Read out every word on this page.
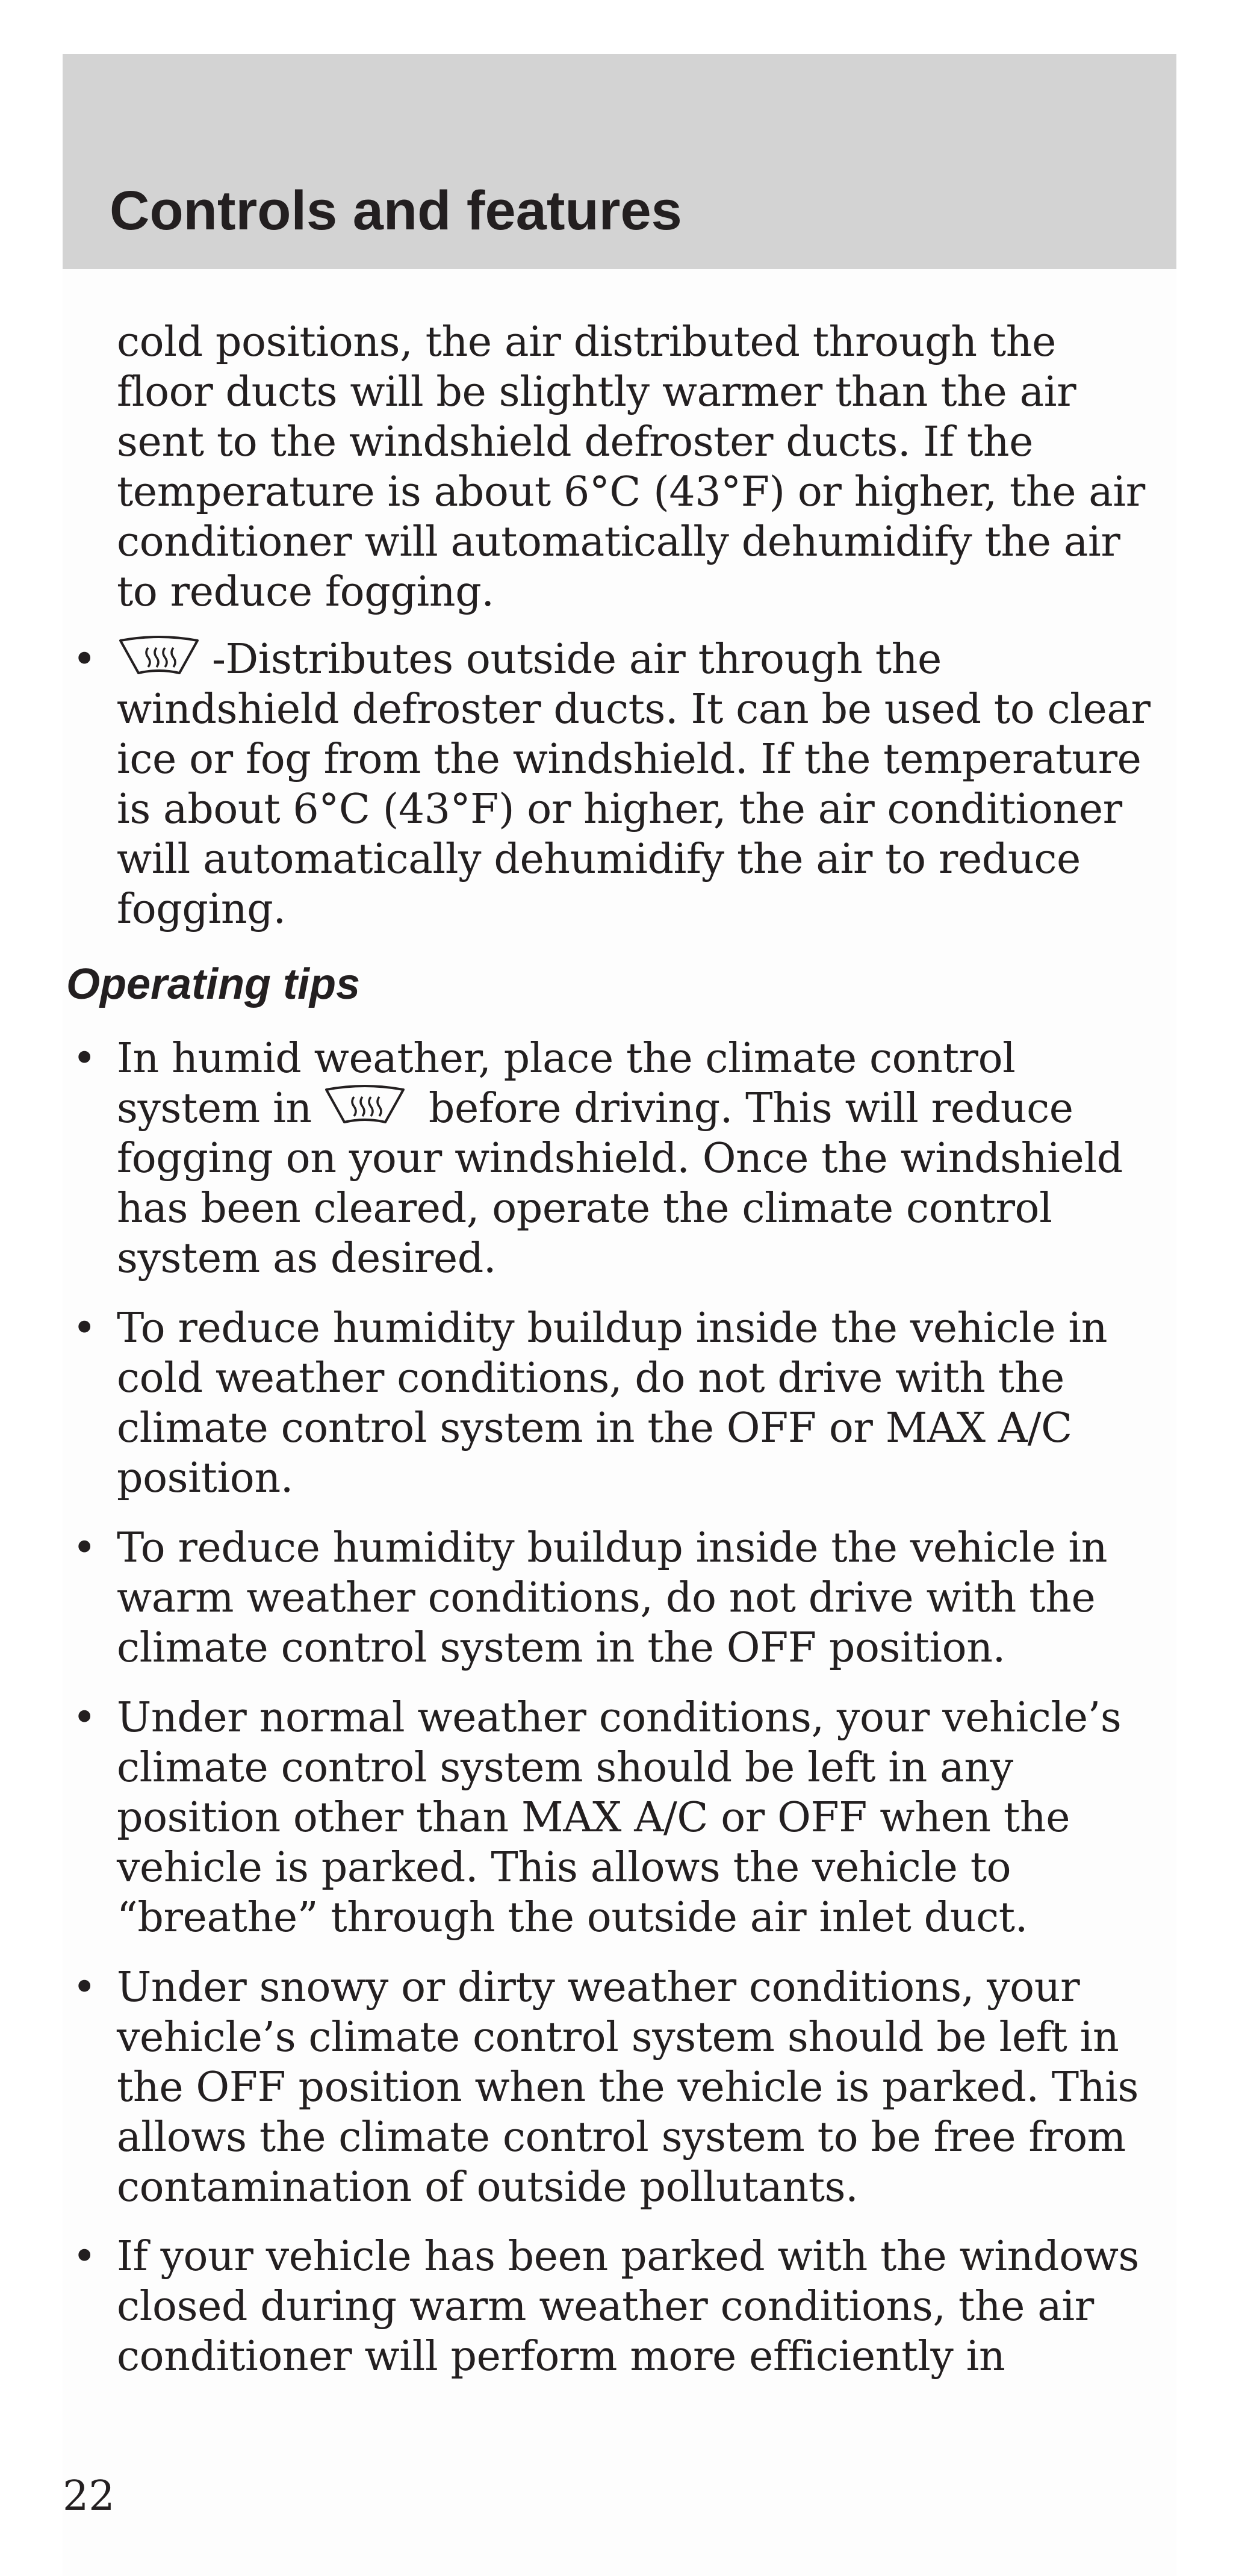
Controls and features
cold positions, the air distributed through the
floor ducts will be slightly warmer than the air
sent to the windshield defroster ducts. If the
temperature is about 6°C (43°F) or higher, the air
conditioner will automatically dehumidify the air
to reduce fogging.
•	-Distributes outside air through the
windshield defroster ducts. It can be used to clear
ice or fog from the windshield. If the temperature
is about 6°C (43°F) or higher, the air conditioner
will automatically dehumidify the air to reduce
fogging.
Operating tips
• In humid weather, place the climate control
system in	before driving. This will reduce
fogging on your windshield. Once the windshield
has been cleared, operate the climate control
system as desired.
• To reduce humidity buildup inside the vehicle in
cold weather conditions, do not drive with the
climate control system in the OFF or MAX A/C
position.
• To reduce humidity buildup inside the vehicle in
warm weather conditions, do not drive with the
climate control system in the OFF position.
• Under normal weather conditions, your vehicle’s
climate control system should be left in any
position other than MAX A/C or OFF when the
vehicle is parked. This allows the vehicle to
“breathe” through the outside air inlet duct.
• Under snowy or dirty weather conditions, your
vehicle’s climate control system should be left in
the OFF position when the vehicle is parked. This
allows the climate control system to be free from
contamination of outside pollutants.
• If your vehicle has been parked with the windows
closed during warm weather conditions, the air
conditioner will perform more efficiently in
22
